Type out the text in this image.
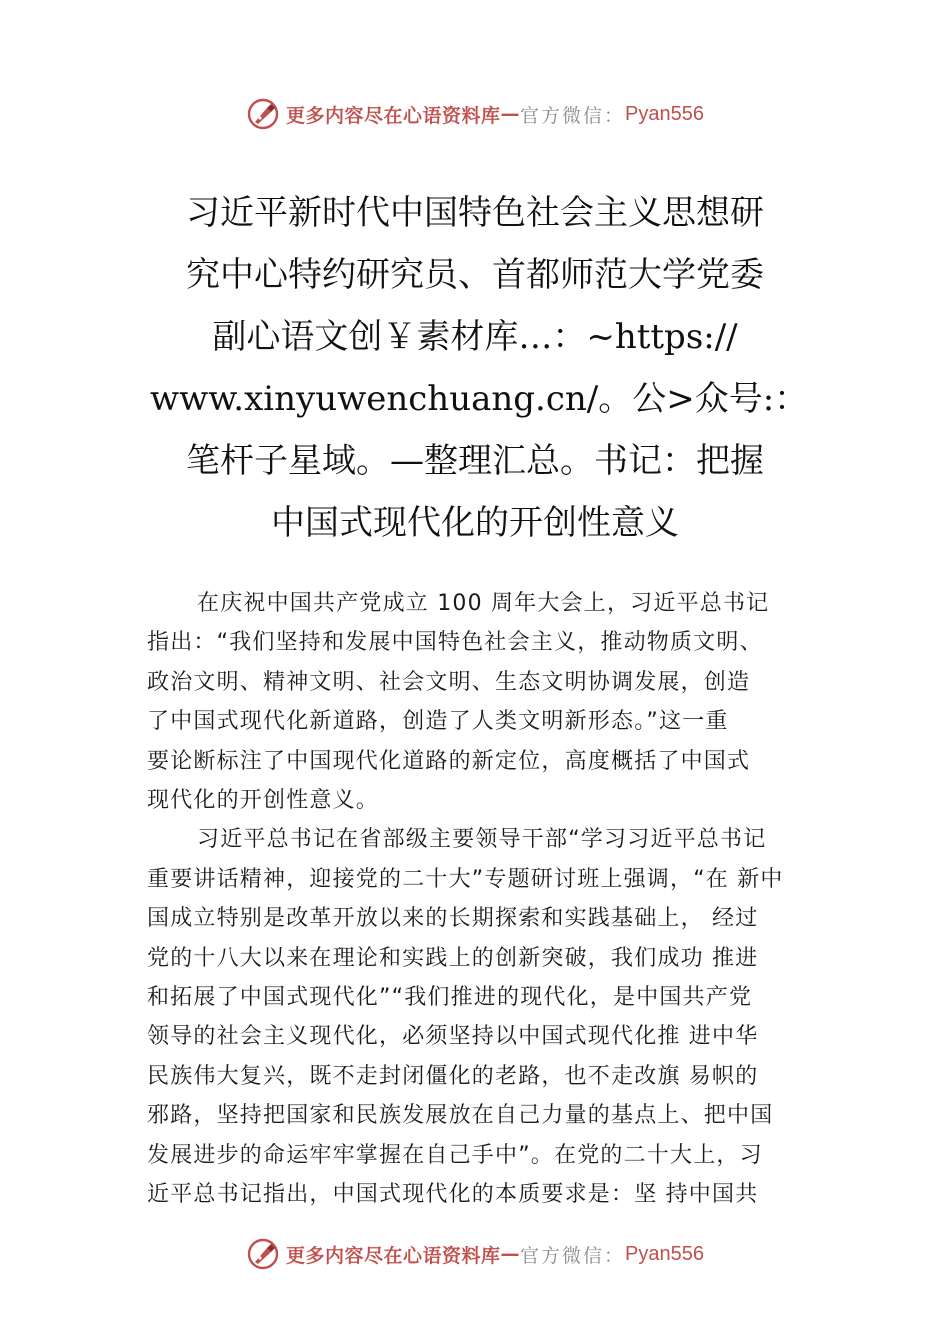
更多内容尽在心语资料库 — 官方微信： Pyan556
习近平新时代中国特色社会主义思想研
究中心特约研究员、首都师范大学党委
副心语文创￥素材库…：~https://
www.xinyuwenchuang.cn/。公>众号:：
笔杆子星域。—整理汇总。书记：把握
中国式现代化的开创性意义
在庆祝中国共产党成立 100 周年大会上，习近平总书记
指出：“我们坚持和发展中国特色社会主义，推动物质文明、
政治文明、精神文明、社会文明、生态文明协调发展，创造
了中国式现代化新道路，创造了人类文明新形态。”这一重
要论断标注了中国现代化道路的新定位，高度概括了中国式
现代化的开创性意义。
习近平总书记在省部级主要领导干部“学习习近平总书记
重要讲话精神，迎接党的二十大”专题研讨班上强调，“在 新中
国成立特别是改革开放以来的长期探索和实践基础上， 经过
党的十八大以来在理论和实践上的创新突破，我们成功 推进
和拓展了中国式现代化”“我们推进的现代化，是中国共产党
领导的社会主义现代化，必须坚持以中国式现代化推 进中华
民族伟大复兴，既不走封闭僵化的老路，也不走改旗 易帜的
邪路，坚持把国家和民族发展放在自己力量的基点上、把中国
发展进步的命运牢牢掌握在自己手中”。在党的二十大上，习
近平总书记指出，中国式现代化的本质要求是：坚 持中国共
更多内容尽在心语资料库 — 官方微信： Pyan556
